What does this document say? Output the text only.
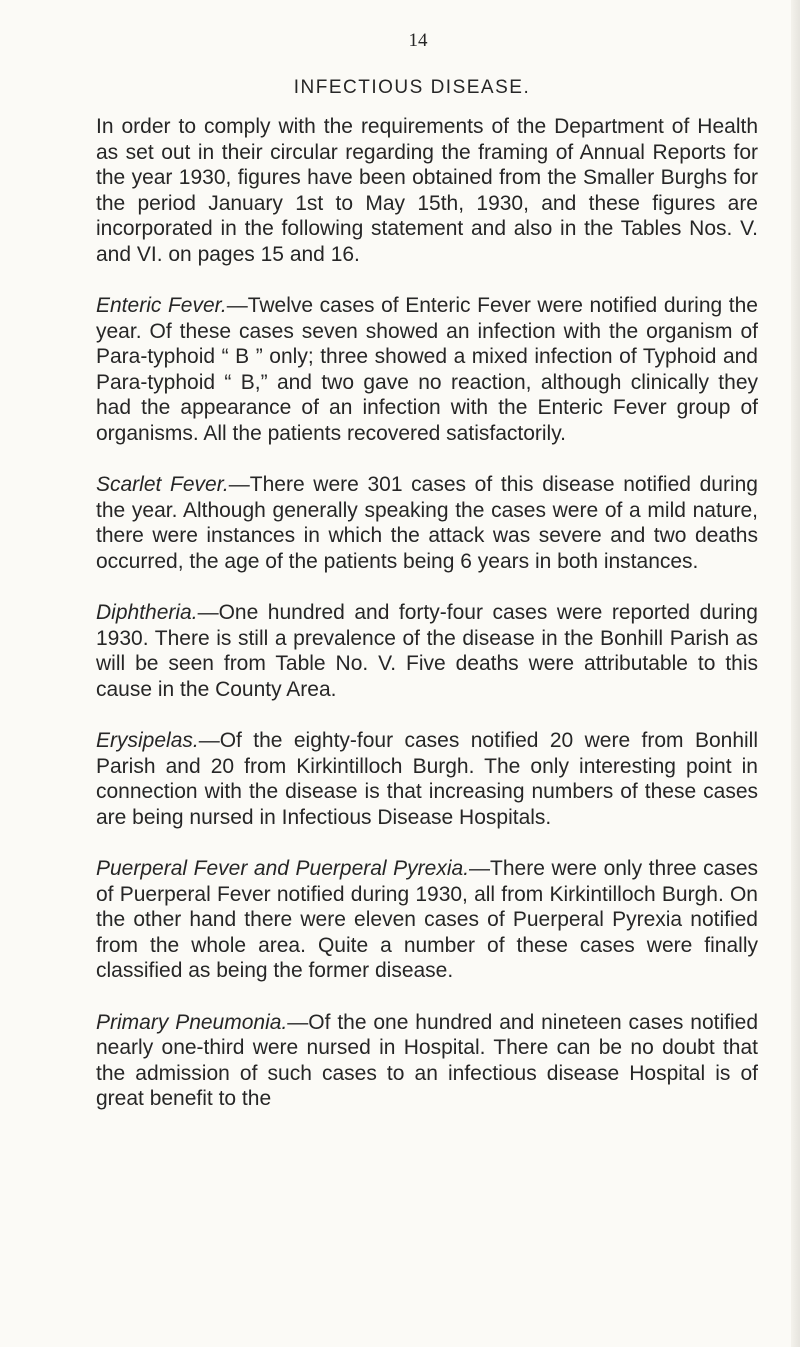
14
INFECTIOUS DISEASE.

In order to comply with the requirements of the Department of Health as set out in their circular regarding the framing of Annual Reports for the year 1930, figures have been obtained from the Smaller Burghs for the period January 1st to May 15th, 1930, and these figures are incorporated in the following statement and also in the Tables Nos. V. and VI. on pages 15 and 16.

Enteric Fever.—Twelve cases of Enteric Fever were notified during the year. Of these cases seven showed an infection with the organism of Para-typhoid “ B ” only; three showed a mixed infection of Typhoid and Para-typhoid “ B,” and two gave no reaction, although clinically they had the appearance of an infection with the Enteric Fever group of organisms. All the patients recovered satisfactorily.

Scarlet Fever.—There were 301 cases of this disease notified during the year. Although generally speaking the cases were of a mild nature, there were instances in which the attack was severe and two deaths occurred, the age of the patients being 6 years in both instances.

Diphtheria.—One hundred and forty-four cases were reported during 1930. There is still a prevalence of the disease in the Bonhill Parish as will be seen from Table No. V. Five deaths were attributable to this cause in the County Area.

Erysipelas.—Of the eighty-four cases notified 20 were from Bonhill Parish and 20 from Kirkintilloch Burgh. The only interesting point in connection with the disease is that increasing numbers of these cases are being nursed in Infectious Disease Hospitals.

Puerperal Fever and Puerperal Pyrexia.—There were only three cases of Puerperal Fever notified during 1930, all from Kirkintilloch Burgh. On the other hand there were eleven cases of Puerperal Pyrexia notified from the whole area. Quite a number of these cases were finally classified as being the former disease.

Primary Pneumonia.—Of the one hundred and nineteen cases notified nearly one-third were nursed in Hospital. There can be no doubt that the admission of such cases to an infectious disease Hospital is of great benefit to the
